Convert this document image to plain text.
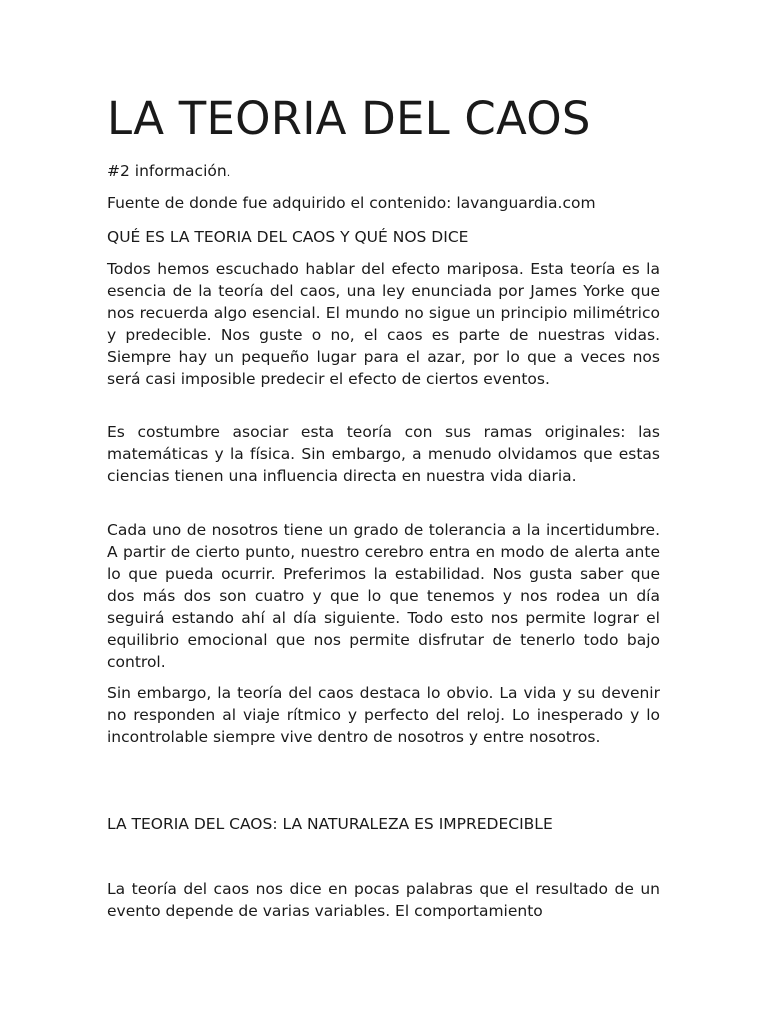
LA TEORIA DEL CAOS
#2 información.
Fuente de donde fue adquirido el contenido: lavanguardia.com
QUÉ ES LA TEORIA DEL CAOS Y QUÉ NOS DICE

Todos hemos escuchado hablar del efecto mariposa. Esta teoría es la esencia de la teoría del caos, una ley enunciada por James Yorke que nos recuerda algo esencial. El mundo no sigue un principio milimétrico y predecible. Nos guste o no, el caos es parte de nuestras vidas. Siempre hay un pequeño lugar para el azar, por lo que a veces nos será casi imposible predecir el efecto de ciertos eventos.

Es costumbre asociar esta teoría con sus ramas originales: las matemáticas y la física. Sin embargo, a menudo olvidamos que estas ciencias tienen una influencia directa en nuestra vida diaria.

Cada uno de nosotros tiene un grado de tolerancia a la incertidumbre. A partir de cierto punto, nuestro cerebro entra en modo de alerta ante lo que pueda ocurrir. Preferimos la estabilidad. Nos gusta saber que dos más dos son cuatro y que lo que tenemos y nos rodea un día seguirá estando ahí al día siguiente. Todo esto nos permite lograr el equilibrio emocional que nos permite disfrutar de tenerlo todo bajo control.

Sin embargo, la teoría del caos destaca lo obvio. La vida y su devenir no responden al viaje rítmico y perfecto del reloj. Lo inesperado y lo incontrolable siempre vive dentro de nosotros y entre nosotros.

LA TEORIA DEL CAOS: LA NATURALEZA ES IMPREDECIBLE

La teoría del caos nos dice en pocas palabras que el resultado de un evento depende de varias variables. El comportamiento
